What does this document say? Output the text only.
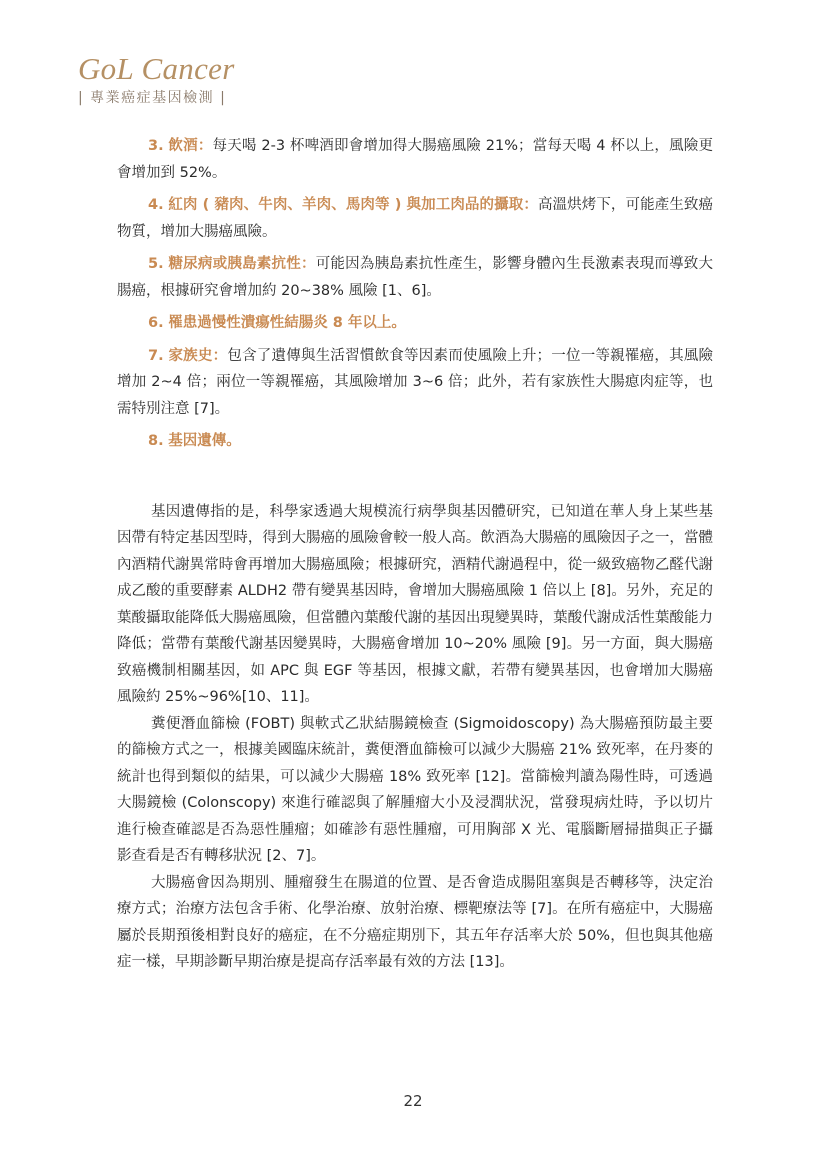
GoL Cancer
| 專業癌症基因檢測 |

3. 飲酒：每天喝 2-3 杯啤酒即會增加得大腸癌風險 21%；當每天喝 4 杯以上，風險更會增加到 52%。

4. 紅肉 ( 豬肉、牛肉、羊肉、馬肉等 ) 與加工肉品的攝取：高溫烘烤下，可能產生致癌物質，增加大腸癌風險。

5. 糖尿病或胰島素抗性：可能因為胰島素抗性產生，影響身體內生長激素表現而導致大腸癌，根據研究會增加約 20~38% 風險 [1、6]。

6. 罹患過慢性潰瘍性結腸炎 8 年以上。

7. 家族史：包含了遺傳與生活習慣飲食等因素而使風險上升；一位一等親罹癌，其風險增加 2~4 倍；兩位一等親罹癌，其風險增加 3~6 倍；此外，若有家族性大腸瘜肉症等，也需特別注意 [7]。

8. 基因遺傳。

基因遺傳指的是，科學家透過大規模流行病學與基因體研究，已知道在華人身上某些基因帶有特定基因型時，得到大腸癌的風險會較一般人高。飲酒為大腸癌的風險因子之一，當體內酒精代謝異常時會再增加大腸癌風險；根據研究，酒精代謝過程中，從一級致癌物乙醛代謝成乙酸的重要酵素 ALDH2 帶有變異基因時，會增加大腸癌風險 1 倍以上 [8]。另外，充足的葉酸攝取能降低大腸癌風險，但當體內葉酸代謝的基因出現變異時，葉酸代謝成活性葉酸能力降低；當帶有葉酸代謝基因變異時，大腸癌會增加 10~20% 風險 [9]。另一方面，與大腸癌致癌機制相關基因，如 APC 與 EGF 等基因，根據文獻，若帶有變異基因，也會增加大腸癌風險約 25%~96%[10、11]。

糞便潛血篩檢 (FOBT) 與軟式乙狀結腸鏡檢查 (Sigmoidoscopy) 為大腸癌預防最主要的篩檢方式之一，根據美國臨床統計，糞便潛血篩檢可以減少大腸癌 21% 致死率，在丹麥的統計也得到類似的結果，可以減少大腸癌 18% 致死率 [12]。當篩檢判讀為陽性時，可透過大腸鏡檢 (Colonscopy) 來進行確認與了解腫瘤大小及浸潤狀況，當發現病灶時，予以切片進行檢查確認是否為惡性腫瘤；如確診有惡性腫瘤，可用胸部 X 光、電腦斷層掃描與正子攝影查看是否有轉移狀況 [2、7]。

大腸癌會因為期別、腫瘤發生在腸道的位置、是否會造成腸阻塞與是否轉移等，決定治療方式；治療方法包含手術、化學治療、放射治療、標靶療法等 [7]。在所有癌症中，大腸癌屬於長期預後相對良好的癌症，在不分癌症期別下，其五年存活率大於 50%，但也與其他癌症一樣，早期診斷早期治療是提高存活率最有效的方法 [13]。

22
